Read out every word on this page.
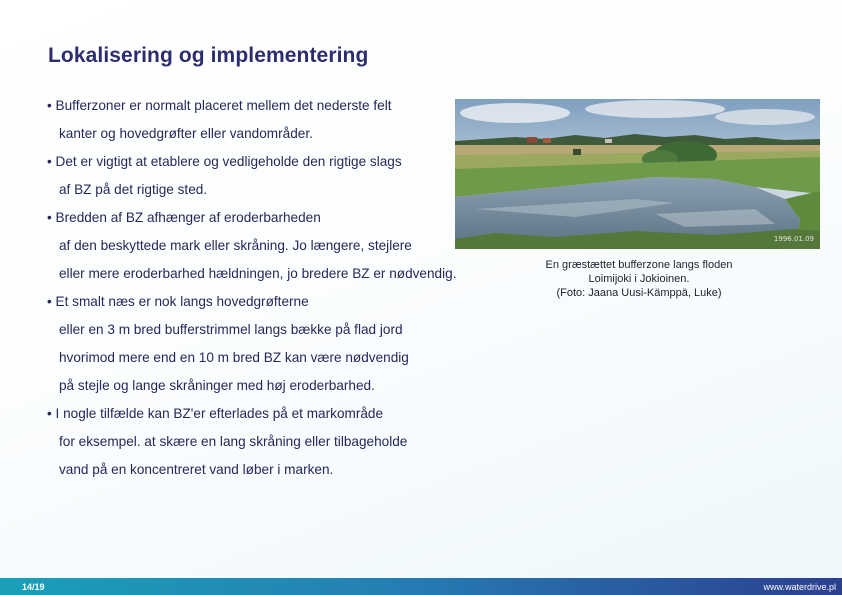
Lokalisering og implementering
• Bufferzoner er normalt placeret mellem det nederste felt
kanter og hovedgrøfter eller vandområder.
• Det er vigtigt at etablere og vedligeholde den rigtige slags
af BZ på det rigtige sted.
• Bredden af BZ afhænger af eroderbarheden
af den beskyttede mark eller skråning. Jo længere, stejlere
eller mere eroderbarhed hældningen, jo bredere BZ er nødvendig.
• Et smalt næs er nok langs hovedgrøfterne
eller en 3 m bred bufferstrimmel langs bække på flad jord
hvorimod mere end en 10 m bred BZ kan være nødvendig
på stejle og lange skråninger med høj eroderbarhed.
• I nogle tilfælde kan BZ'er efterlades på et markområde
for eksempel. at skære en lang skråning eller tilbageholde
vand på en koncentreret vand løber i marken.
1996.01.09
En græstættet bufferzone langs floden
Loimijoki i Jokioinen.
(Foto: Jaana Uusi-Kämppä, Luke)
14/19	www.waterdrive.pl
